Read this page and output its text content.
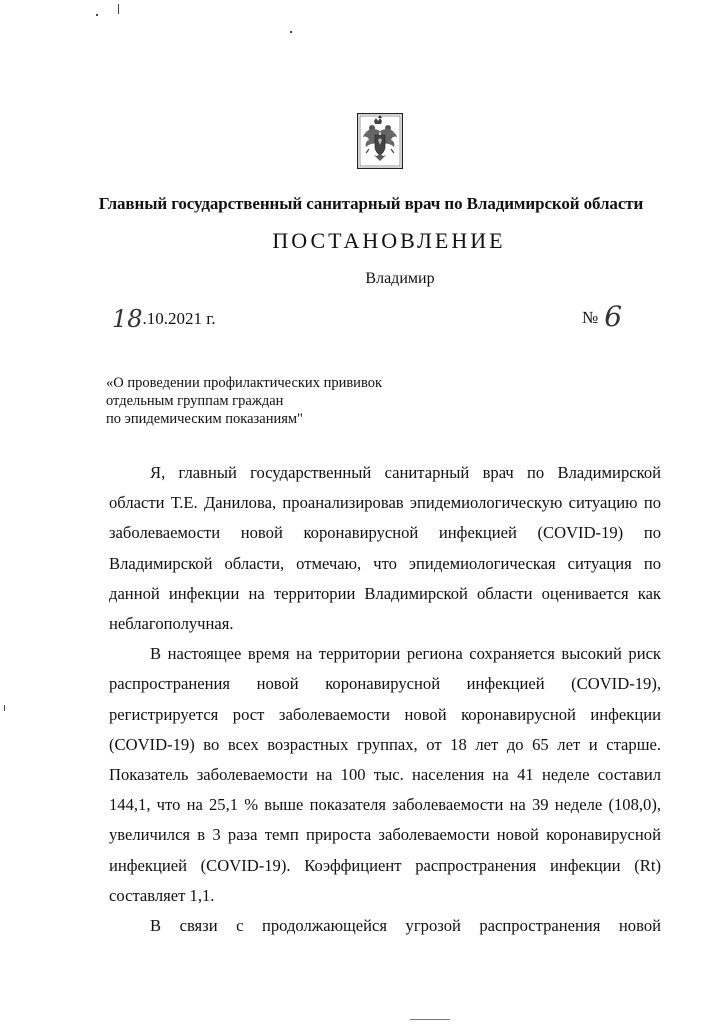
Главный государственный санитарный врач по Владимирской области
ПОСТАНОВЛЕНИЕ
Владимир
18.10.2021 г.	№ 6
«О проведении профилактических прививок
отдельным группам граждан
по эпидемическим показаниям"

Я, главный государственный санитарный врач по Владимирской области Т.Е. Данилова, проанализировав эпидемиологическую ситуацию по заболеваемости новой коронавирусной инфекцией (COVID-19) по Владимирской области, отмечаю, что эпидемиологическая ситуация по данной инфекции на территории Владимирской области оценивается как неблагополучная.

В настоящее время на территории региона сохраняется высокий риск распространения новой коронавирусной инфекцией (COVID-19), регистрируется рост заболеваемости новой коронавирусной инфекции (COVID-19) во всех возрастных группах, от 18 лет до 65 лет и старше. Показатель заболеваемости на 100 тыс. населения на 41 неделе составил 144,1, что на 25,1 % выше показателя заболеваемости на 39 неделе (108,0), увеличился в 3 раза темп прироста заболеваемости новой коронавирусной инфекцией (COVID-19). Коэффициент распространения инфекции (Rt) составляет 1,1.

В связи с продолжающейся угрозой распространения новой
